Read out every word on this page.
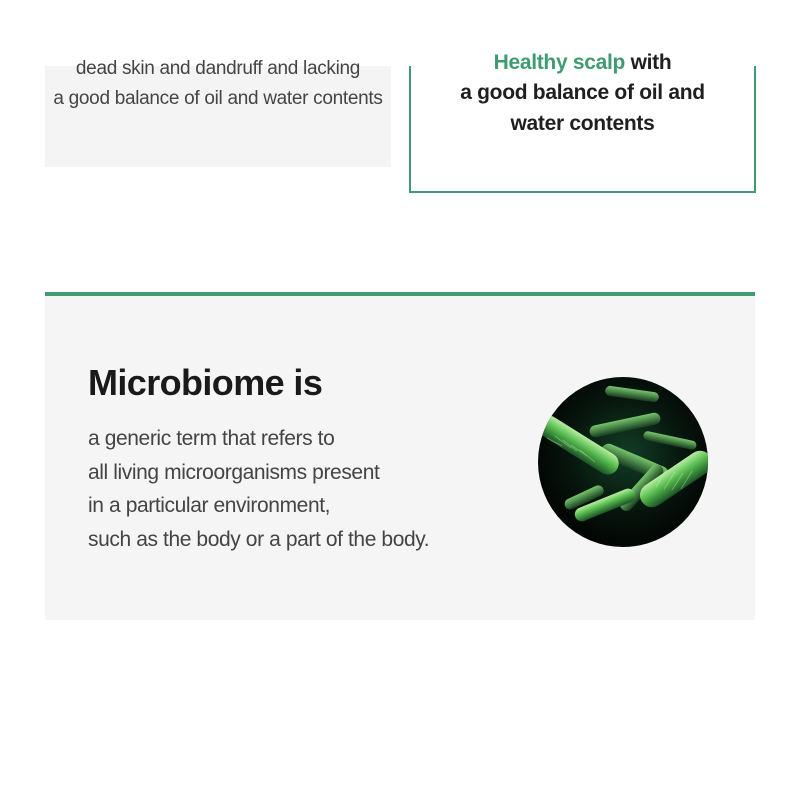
dead skin and dandruff and lacking
a good balance of oil and water contents
Healthy scalp with
a good balance of oil and
water contents
Microbiome is
a generic term that refers to
all living microorganisms present
in a particular environment,
such as the body or a part of the body.
